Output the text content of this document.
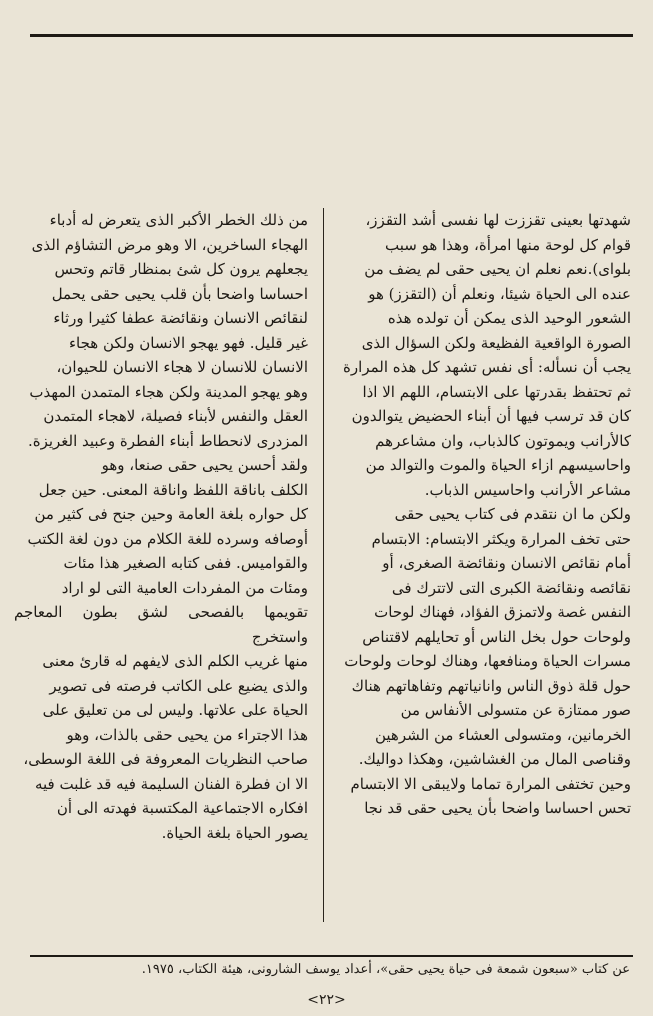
شهدتها بعينى تقززت لها نفسى أشد التقزز،
قوام كل لوحة منها امرأة، وهذا هو سبب
بلواى).نعم نعلم ان يحيى حقى لم يضف من
عنده الى الحياة شيئا، ونعلم أن (التقزز) هو
الشعور الوحيد الذى يمكن أن تولده هذه
الصورة الواقعية الفظيعة ولكن السؤال الذى
يجب أن نسأله: أى نفس تشهد كل هذه المرارة
ثم تحتفظ بقدرتها على الابتسام، اللهم الا اذا
كان قد ترسب فيها أن أبناء الحضيض يتوالدون
كالأرانب ويموتون كالذباب، وان مشاعرهم
واحاسيسهم ازاء الحياة والموت والتوالد من
مشاعر الأرانب واحاسيس الذباب.
ولكن ما ان نتقدم فى كتاب يحيى حقى
حتى تخف المرارة ويكثر الابتسام: الابتسام
أمام نقائص الانسان ونقائضة الصغرى، أو
نقائصه ونقائضة الكبرى التى لاتترك فى
النفس غصة ولاتمزق الفؤاد، فهناك لوحات
ولوحات حول بخل الناس أو تحايلهم لاقتناص
مسرات الحياة ومنافعها، وهناك لوحات ولوحات
حول قلة ذوق الناس وانانياتهم وتفاهاتهم هناك
صور ممتازة عن متسولى الأنفاس من
الخرمانين، ومتسولى العشاء من الشرهين
وقناصى المال من الغشاشين، وهكذا دواليك.
وحين تختفى المرارة تماما ولايبقى الا الابتسام
تحس احساسا واضحا بأن يحيى حقى قد نجا
من ذلك الخطر الأكبر الذى يتعرض له أدباء
الهجاء الساخرين، الا وهو مرض التشاؤم الذى
يجعلهم يرون كل شئ بمنظار قاتم وتحس
احساسا واضحا بأن قلب يحيى حقى يحمل
لنقائص الانسان ونقائضة عطفا كثيرا ورثاء
غير قليل. فهو يهجو الانسان ولكن هجاء
الانسان للانسان لا هجاء الانسان للحيوان،
وهو يهجو المدينة ولكن هجاء المتمدن المهذب
العقل والنفس لأبناء فصيلة، لاهجاء المتمدن
المزدرى لانحطاط أبناء الفطرة وعبيد الغريزة.
ولقد أحسن يحيى حقى صنعا، وهو
الكلف باناقة اللفظ واناقة المعنى. حين جعل
كل حواره بلغة العامة وحين جنح فى كثير من
أوصافه وسرده للغة الكلام من دون لغة الكتب
والقواميس. ففى كتابه الصغير هذا مئات
ومئات من المفردات العامية التى لو اراد
تقويمها بالفصحى لشق بطون المعاجم واستخرج
منها غريب الكلم الذى لايفهم له قارئ معنى
والذى يضيع على الكاتب فرصته فى تصوير
الحياة على علاتها. وليس لى من تعليق على
هذا الاجتراء من يحيى حقى بالذات، وهو
صاحب النظريات المعروفة فى اللغة الوسطى،
الا ان فطرة الفنان السليمة فيه قد غلبت فيه
افكاره الاجتماعية المكتسبة فهدته الى أن
يصور الحياة بلغة الحياة.
عن كتاب «سبعون شمعة فى حياة يحيى حقى»، أعداد يوسف الشارونى، هيئة الكتاب، ١٩٧٥.
<٢٢>
